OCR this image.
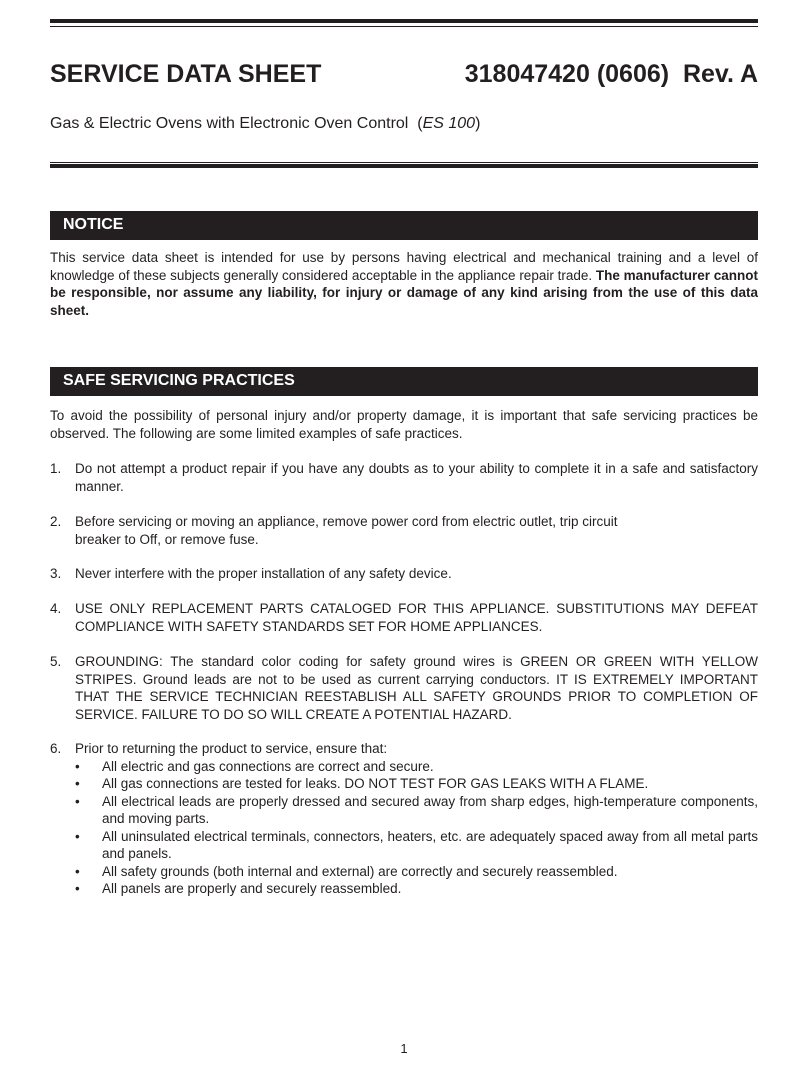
SERVICE DATA SHEET	318047420 (0606)  Rev. A
Gas & Electric Ovens with Electronic Oven Control  (ES 100)
NOTICE

This service data sheet is intended for use by persons having electrical and mechanical training and a level of knowledge of these subjects generally considered acceptable in the appliance repair trade. The manufacturer cannot be responsible, nor assume any liability, for injury or damage of any kind arising from the use of this data sheet.

SAFE SERVICING PRACTICES

To avoid the possibility of personal injury and/or property damage, it is important that safe servicing practices be observed. The following are some limited examples of safe practices.

1. Do not attempt a product repair if you have any doubts as to your ability to complete it in a safe and satisfactory manner.
2. Before servicing or moving an appliance, remove power cord from electric outlet, trip circuit
breaker to Off, or remove fuse.
3. Never interfere with the proper installation of any safety device.
4. USE ONLY REPLACEMENT PARTS CATALOGED FOR THIS APPLIANCE. SUBSTITUTIONS MAY DEFEAT COMPLIANCE WITH SAFETY STANDARDS SET FOR HOME APPLIANCES.
5. GROUNDING: The standard color coding for safety ground wires is GREEN OR GREEN WITH YELLOW STRIPES. Ground leads are not to be used as current carrying conductors. IT IS EXTREMELY IMPORTANT THAT THE SERVICE TECHNICIAN REESTABLISH ALL SAFETY GROUNDS PRIOR TO COMPLETION OF SERVICE. FAILURE TO DO SO WILL CREATE A POTENTIAL HAZARD.
6. Prior to returning the product to service, ensure that:
• All electric and gas connections are correct and secure.
• All gas connections are tested for leaks. DO NOT TEST FOR GAS LEAKS WITH A FLAME.
• All electrical leads are properly dressed and secured away from sharp edges, high-temperature components, and moving parts.
• All uninsulated electrical terminals, connectors, heaters, etc. are adequately spaced away from all metal parts and panels.
• All safety grounds (both internal and external) are correctly and securely reassembled.
• All panels are properly and securely reassembled.
1
